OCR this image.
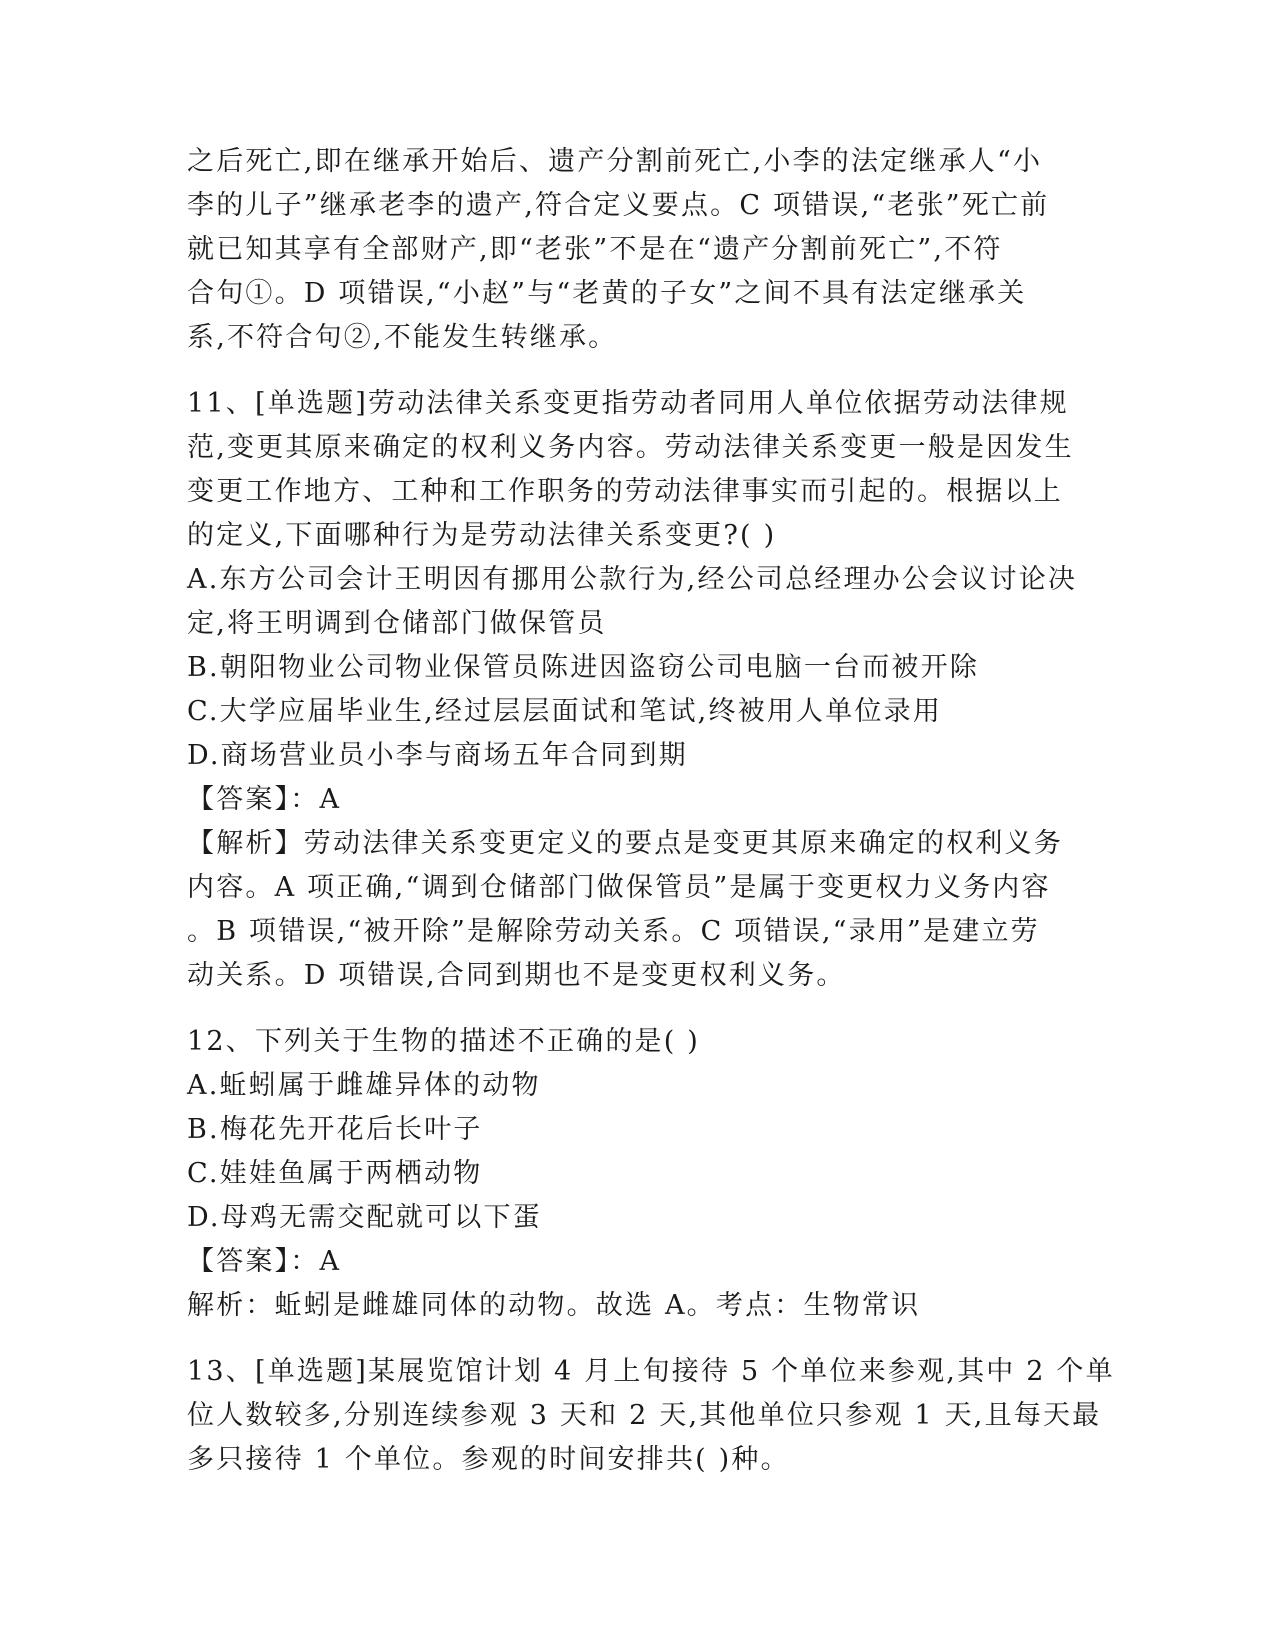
之后死亡,即在继承开始后、遗产分割前死亡,小李的法定继承人“小
李的儿子”继承老李的遗产,符合定义要点。C 项错误,“老张”死亡前
就已知其享有全部财产,即“老张”不是在“遗产分割前死亡”,不符
合句①。D 项错误,“小赵”与“老黄的子女”之间不具有法定继承关
系,不符合句②,不能发生转继承。
11、[单选题]劳动法律关系变更指劳动者同用人单位依据劳动法律规
范,变更其原来确定的权利义务内容。劳动法律关系变更一般是因发生
变更工作地方、工种和工作职务的劳动法律事实而引起的。根据以上
的定义,下面哪种行为是劳动法律关系变更?( )
A.东方公司会计王明因有挪用公款行为,经公司总经理办公会议讨论决
定,将王明调到仓储部门做保管员
B.朝阳物业公司物业保管员陈进因盗窃公司电脑一台而被开除
C.大学应届毕业生,经过层层面试和笔试,终被用人单位录用
D.商场营业员小李与商场五年合同到期
【答案】：A
【解析】劳动法律关系变更定义的要点是变更其原来确定的权利义务
内容。A 项正确,“调到仓储部门做保管员”是属于变更权力义务内容
。B 项错误,“被开除”是解除劳动关系。C 项错误,“录用”是建立劳
动关系。D 项错误,合同到期也不是变更权利义务。
12、下列关于生物的描述不正确的是( )
A.蚯蚓属于雌雄异体的动物
B.梅花先开花后长叶子
C.娃娃鱼属于两栖动物
D.母鸡无需交配就可以下蛋
【答案】：A
解析：蚯蚓是雌雄同体的动物。故选 A。考点：生物常识
13、[单选题]某展览馆计划 4 月上旬接待 5 个单位来参观,其中 2 个单
位人数较多,分别连续参观 3 天和 2 天,其他单位只参观 1 天,且每天最
多只接待 1 个单位。参观的时间安排共( )种。
